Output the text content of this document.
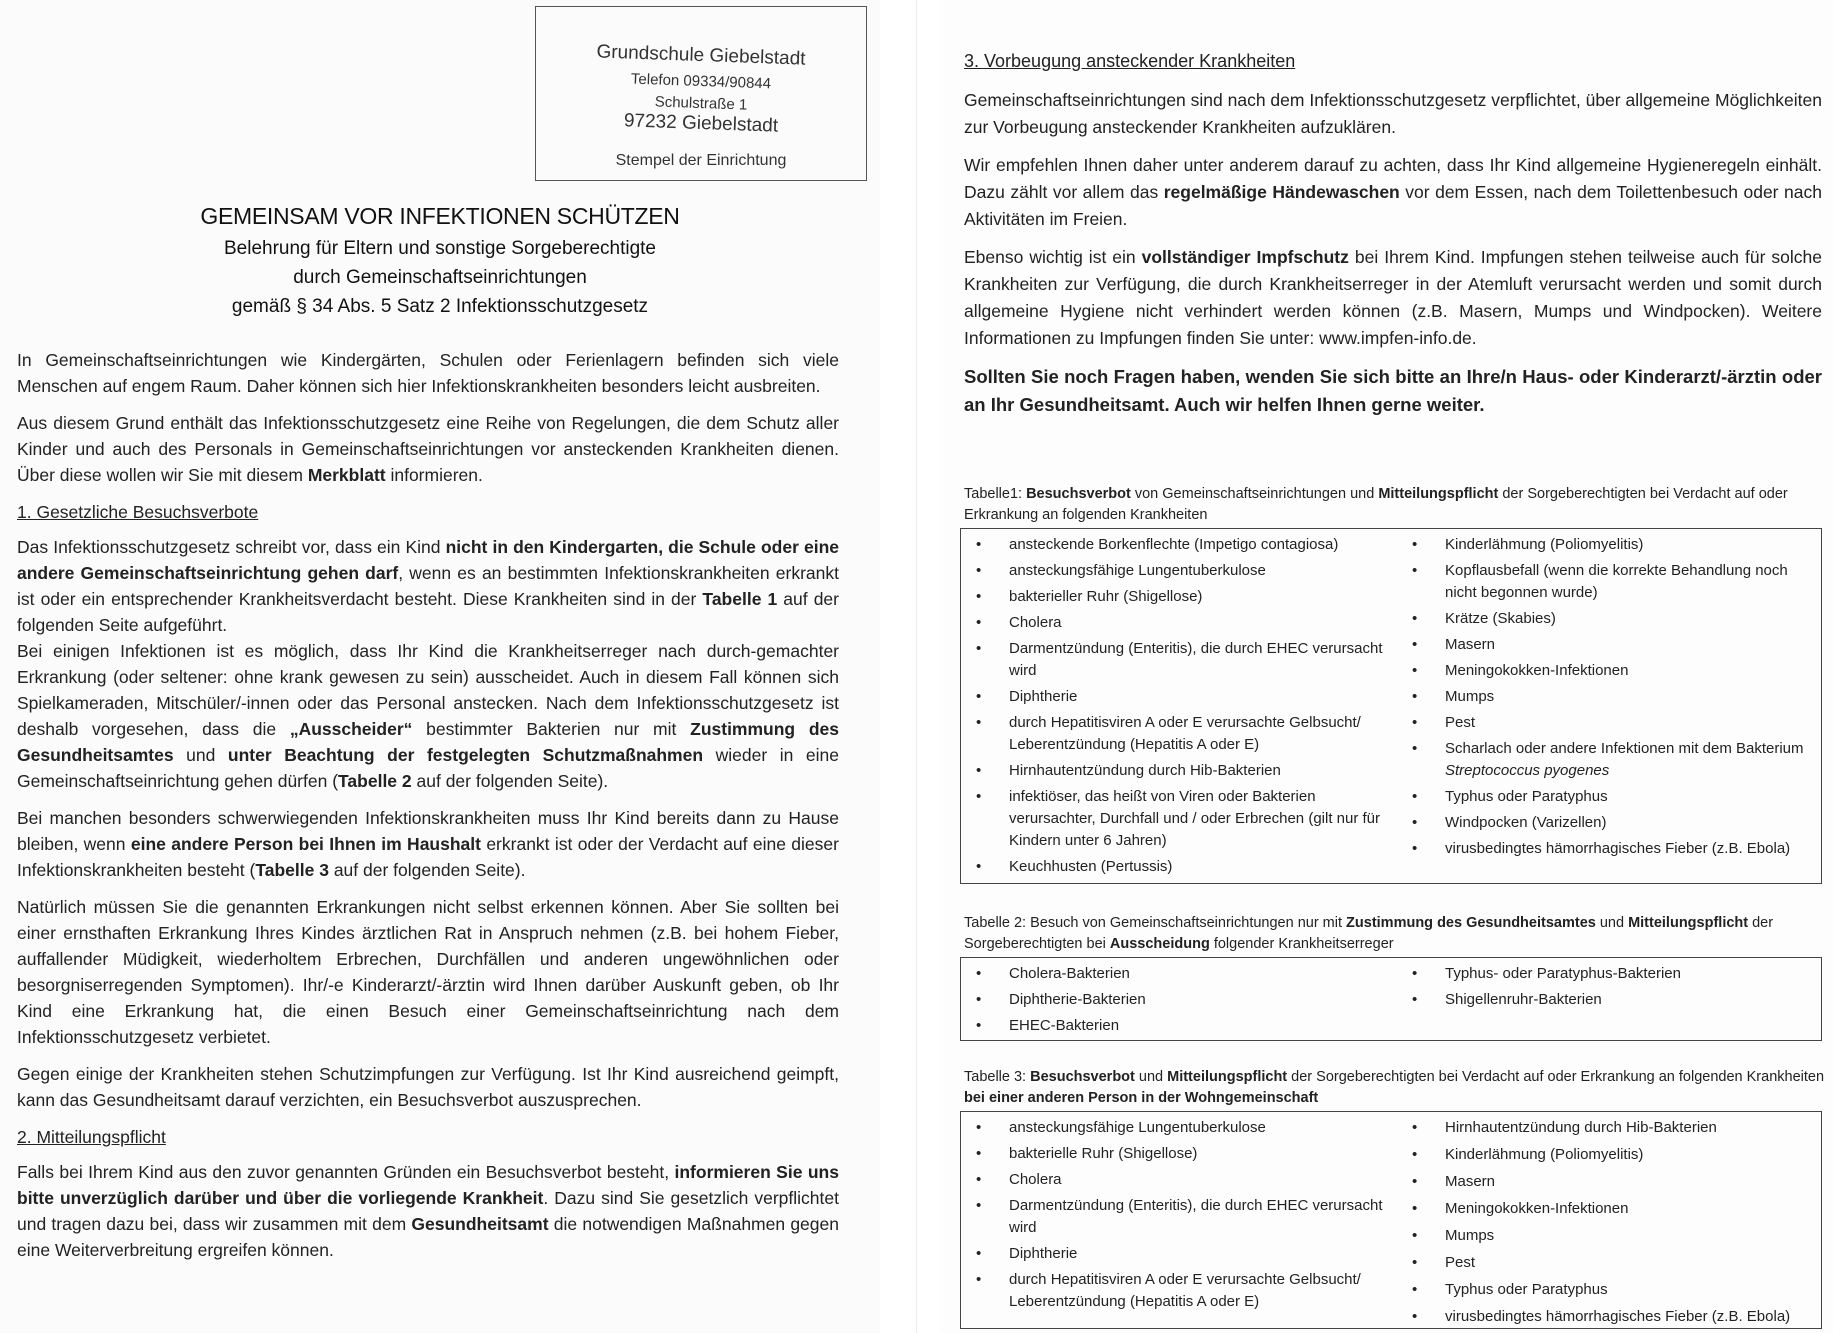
Grundschule Giebelstadt
Telefon 09334/90844
Schulstraße 1
97232 Giebelstadt
Stempel der Einrichtung
GEMEINSAM VOR INFEKTIONEN SCHÜTZEN
Belehrung für Eltern und sonstige Sorgeberechtigte
durch Gemeinschaftseinrichtungen
gemäß § 34 Abs. 5 Satz 2 Infektionsschutzgesetz

In Gemeinschaftseinrichtungen wie Kindergärten, Schulen oder Ferienlagern befinden sich viele Menschen auf engem Raum. Daher können sich hier Infektionskrankheiten besonders leicht ausbreiten.

Aus diesem Grund enthält das Infektionsschutzgesetz eine Reihe von Regelungen, die dem Schutz aller Kinder und auch des Personals in Gemeinschaftseinrichtungen vor ansteckenden Krankheiten dienen. Über diese wollen wir Sie mit diesem Merkblatt informieren.

1. Gesetzliche Besuchsverbote

Das Infektionsschutzgesetz schreibt vor, dass ein Kind nicht in den Kindergarten, die Schule oder eine andere Gemeinschaftseinrichtung gehen darf, wenn es an bestimmten Infektionskrankheiten erkrankt ist oder ein entsprechender Krankheitsverdacht besteht. Diese Krankheiten sind in der Tabelle 1 auf der folgenden Seite aufgeführt.

Bei einigen Infektionen ist es möglich, dass Ihr Kind die Krankheitserreger nach durch-gemachter Erkrankung (oder seltener: ohne krank gewesen zu sein) ausscheidet. Auch in diesem Fall können sich Spielkameraden, Mitschüler/-innen oder das Personal anstecken. Nach dem Infektionsschutzgesetz ist deshalb vorgesehen, dass die „Ausscheider“ bestimmter Bakterien nur mit Zustimmung des Gesundheitsamtes und unter Beachtung der festgelegten Schutzmaßnahmen wieder in eine Gemeinschaftseinrichtung gehen dürfen (Tabelle 2 auf der folgenden Seite).

Bei manchen besonders schwerwiegenden Infektionskrankheiten muss Ihr Kind bereits dann zu Hause bleiben, wenn eine andere Person bei Ihnen im Haushalt erkrankt ist oder der Verdacht auf eine dieser Infektionskrankheiten besteht (Tabelle 3 auf der folgenden Seite).

Natürlich müssen Sie die genannten Erkrankungen nicht selbst erkennen können. Aber Sie sollten bei einer ernsthaften Erkrankung Ihres Kindes ärztlichen Rat in Anspruch nehmen (z.B. bei hohem Fieber, auffallender Müdigkeit, wiederholtem Erbrechen, Durchfällen und anderen ungewöhnlichen oder besorgniserregenden Symptomen). Ihr/-e Kinderarzt/-ärztin wird Ihnen darüber Auskunft geben, ob Ihr Kind eine Erkrankung hat, die einen Besuch einer Gemeinschaftseinrichtung nach dem Infektionsschutzgesetz verbietet.

Gegen einige der Krankheiten stehen Schutzimpfungen zur Verfügung. Ist Ihr Kind ausreichend geimpft, kann das Gesundheitsamt darauf verzichten, ein Besuchsverbot auszusprechen.

2. Mitteilungspflicht

Falls bei Ihrem Kind aus den zuvor genannten Gründen ein Besuchsverbot besteht, informieren Sie uns bitte unverzüglich darüber und über die vorliegende Krankheit. Dazu sind Sie gesetzlich verpflichtet und tragen dazu bei, dass wir zusammen mit dem Gesundheitsamt die notwendigen Maßnahmen gegen eine Weiterverbreitung ergreifen können.

3. Vorbeugung ansteckender Krankheiten

Gemeinschaftseinrichtungen sind nach dem Infektionsschutzgesetz verpflichtet, über allgemeine Möglichkeiten zur Vorbeugung ansteckender Krankheiten aufzuklären.

Wir empfehlen Ihnen daher unter anderem darauf zu achten, dass Ihr Kind allgemeine Hygieneregeln einhält. Dazu zählt vor allem das regelmäßige Händewaschen vor dem Essen, nach dem Toilettenbesuch oder nach Aktivitäten im Freien.

Ebenso wichtig ist ein vollständiger Impfschutz bei Ihrem Kind. Impfungen stehen teilweise auch für solche Krankheiten zur Verfügung, die durch Krankheitserreger in der Atemluft verursacht werden und somit durch allgemeine Hygiene nicht verhindert werden können (z.B. Masern, Mumps und Windpocken). Weitere Informationen zu Impfungen finden Sie unter: www.impfen-info.de.

Sollten Sie noch Fragen haben, wenden Sie sich bitte an Ihre/n Haus- oder Kinderarzt/-ärztin oder an Ihr Gesundheitsamt. Auch wir helfen Ihnen gerne weiter.

Tabelle1: Besuchsverbot von Gemeinschaftseinrichtungen und Mitteilungspflicht der Sorgeberechtigten bei Verdacht auf oder Erkrankung an folgenden Krankheiten
• ansteckende Borkenflechte (Impetigo contagiosa)
• ansteckungsfähige Lungentuberkulose
• bakterieller Ruhr (Shigellose)
• Cholera
• Darmentzündung (Enteritis), die durch EHEC verursacht wird
• Diphtherie
• durch Hepatitisviren A oder E verursachte Gelbsucht/ Leberentzündung (Hepatitis A oder E)
• Hirnhautentzündung durch Hib-Bakterien
• infektiöser, das heißt von Viren oder Bakterien verursachter, Durchfall und / oder Erbrechen (gilt nur für Kindern unter 6 Jahren)
• Keuchhusten (Pertussis)
• Kinderlähmung (Poliomyelitis)
• Kopflausbefall (wenn die korrekte Behandlung noch nicht begonnen wurde)
• Krätze (Skabies)
• Masern
• Meningokokken-Infektionen
• Mumps
• Pest
• Scharlach oder andere Infektionen mit dem Bakterium Streptococcus pyogenes
• Typhus oder Paratyphus
• Windpocken (Varizellen)
• virusbedingtes hämorrhagisches Fieber (z.B. Ebola)
Tabelle 2: Besuch von Gemeinschaftseinrichtungen nur mit Zustimmung des Gesundheitsamtes und Mitteilungspflicht der Sorgeberechtigten bei Ausscheidung folgender Krankheitserreger
• Cholera-Bakterien
• Diphtherie-Bakterien
• EHEC-Bakterien
• Typhus- oder Paratyphus-Bakterien
• Shigellenruhr-Bakterien
Tabelle 3: Besuchsverbot und Mitteilungspflicht der Sorgeberechtigten bei Verdacht auf oder Erkrankung an folgenden Krankheiten bei einer anderen Person in der Wohngemeinschaft
• ansteckungsfähige Lungentuberkulose
• bakterielle Ruhr (Shigellose)
• Cholera
• Darmentzündung (Enteritis), die durch EHEC verursacht wird
• Diphtherie
• durch Hepatitisviren A oder E verursachte Gelbsucht/ Leberentzündung (Hepatitis A oder E)
• Hirnhautentzündung durch Hib-Bakterien
• Kinderlähmung (Poliomyelitis)
• Masern
• Meningokokken-Infektionen
• Mumps
• Pest
• Typhus oder Paratyphus
• virusbedingtes hämorrhagisches Fieber (z.B. Ebola)
